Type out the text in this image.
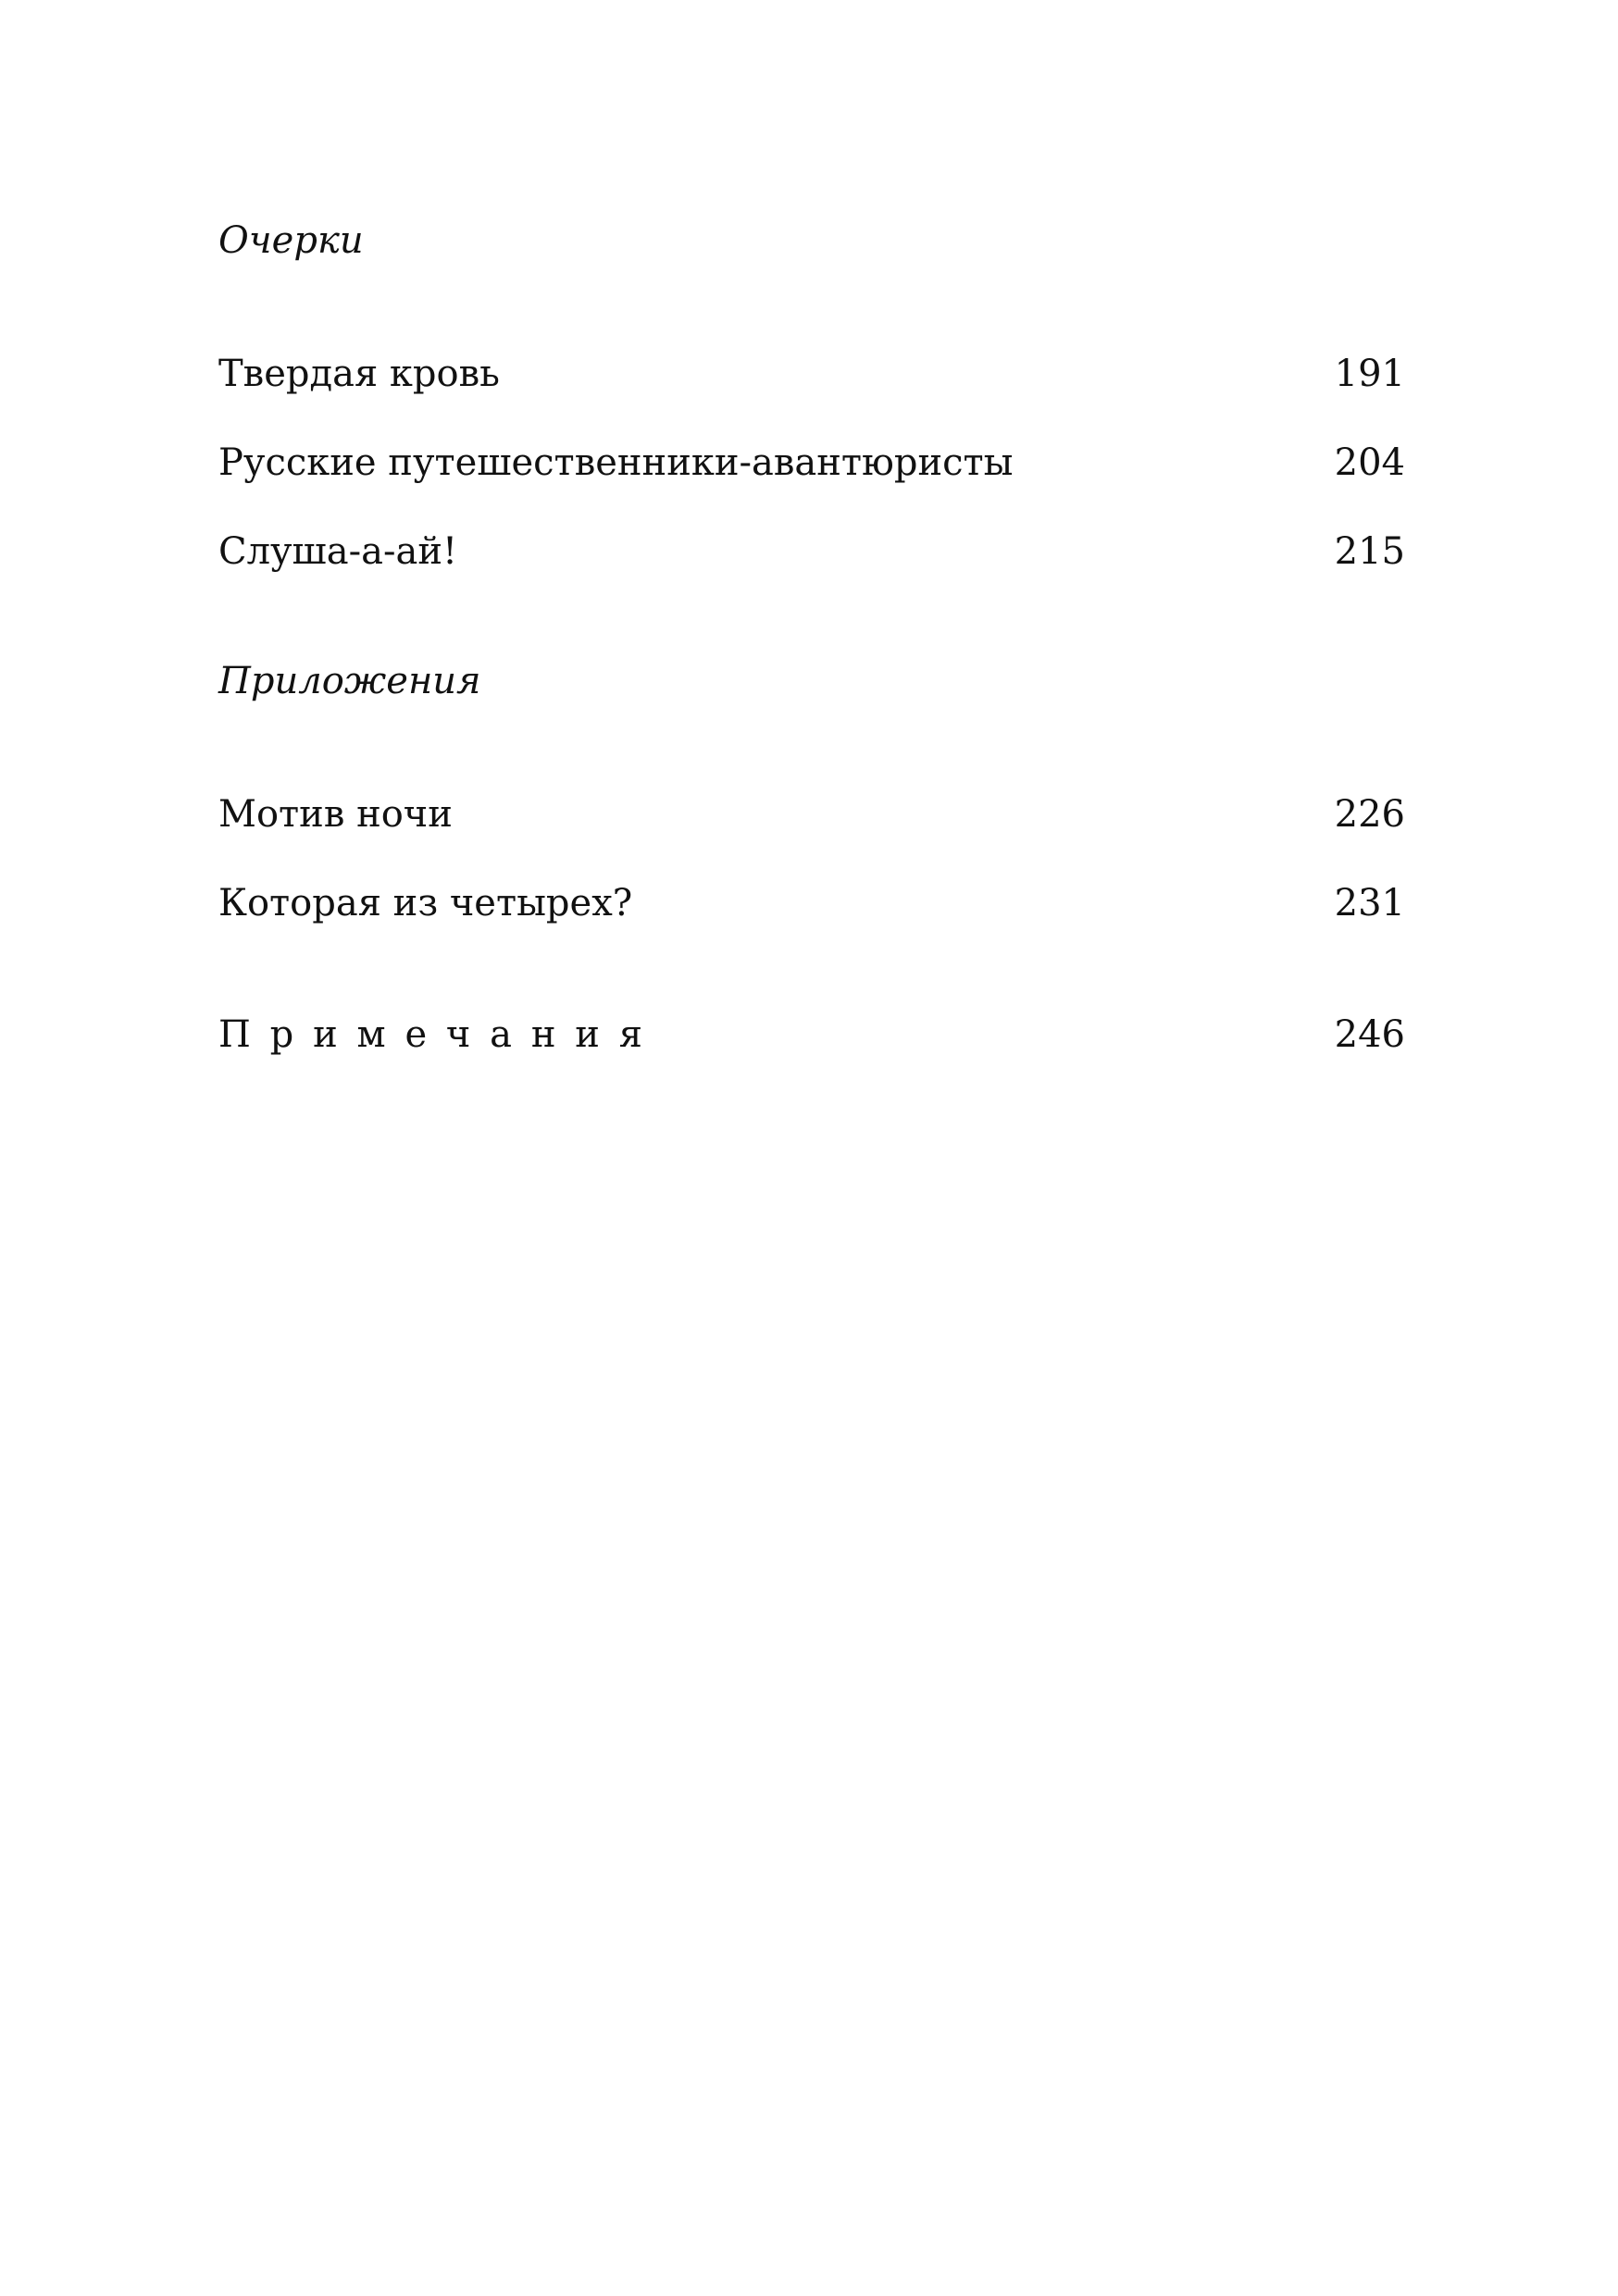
Очерки
Твердая кровь	191
Русские путешественники-авантюристы	204
Слуша-а-ай!	215
Приложения
Мотив ночи	226
Которая из четырех?	231
Примечания	246
